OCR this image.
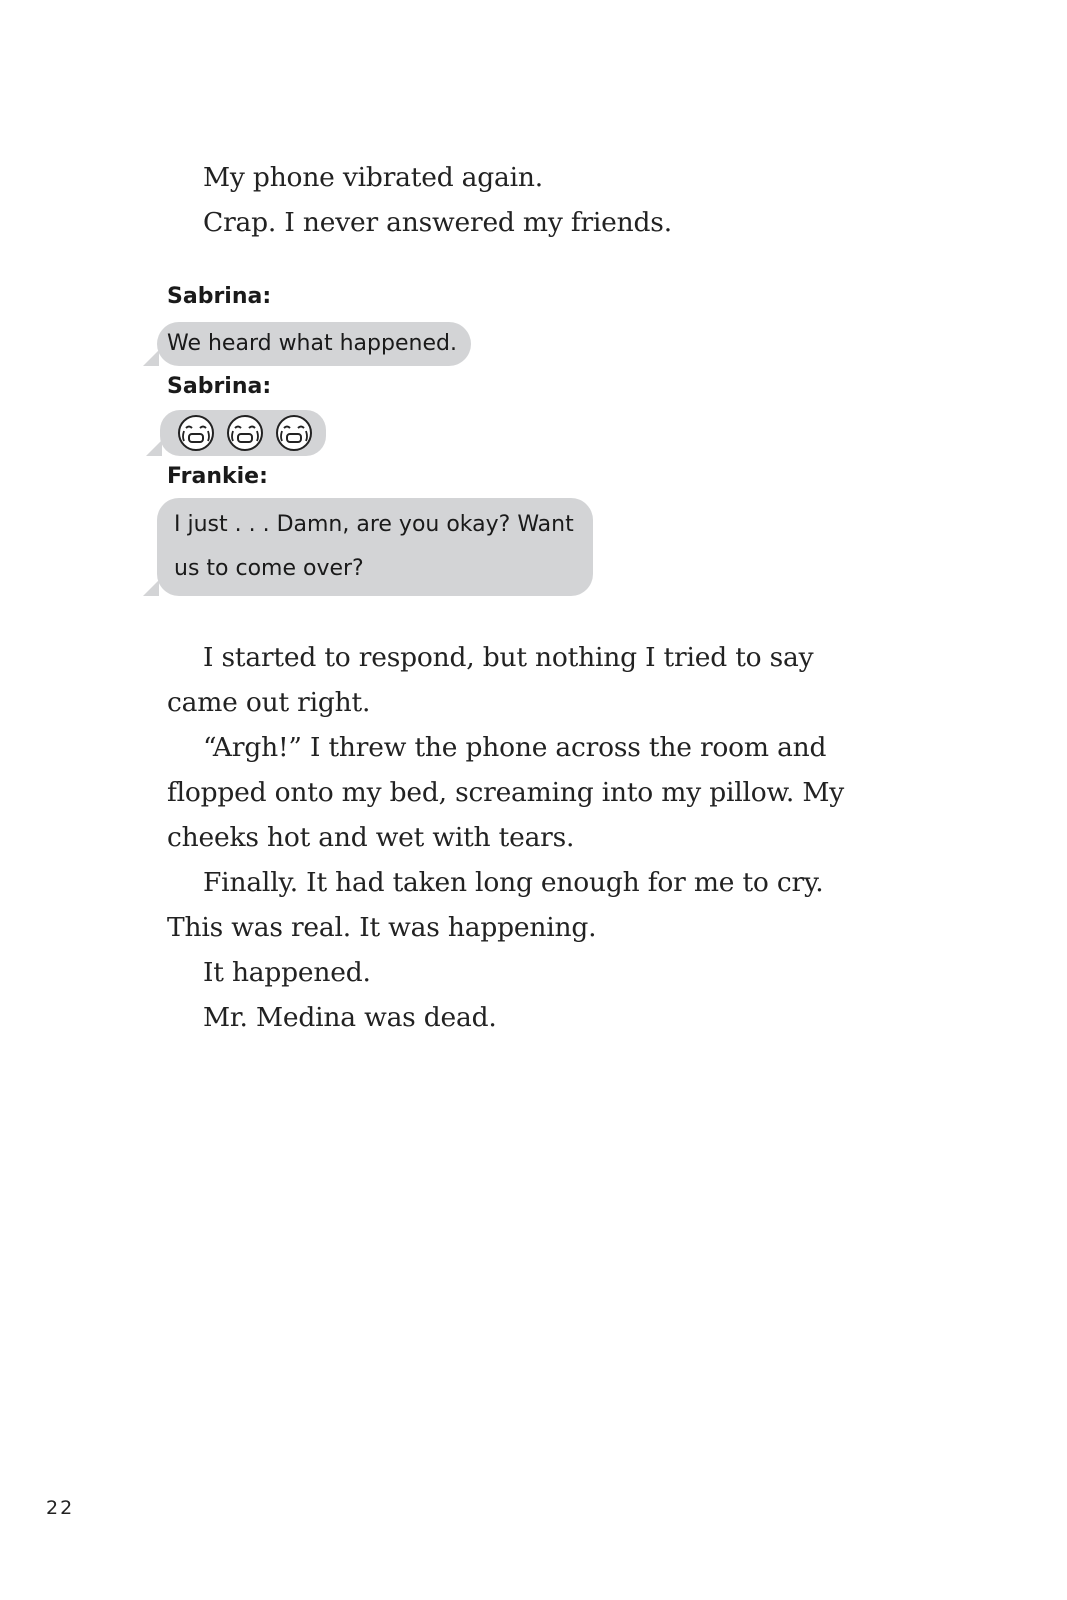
My phone vibrated again.

Crap. I never answered my friends.

Sabrina:
We heard what happened.
Sabrina:
Frankie:
I just . . . Damn, are you okay? Want
us to come over?

I started to respond, but nothing I tried to say came out right.

“Argh!” I threw the phone across the room and flopped onto my bed, screaming into my pillow. My cheeks hot and wet with tears.

Finally. It had taken long enough for me to cry. This was real. It was happening.

It happened.

Mr. Medina was dead.

22
